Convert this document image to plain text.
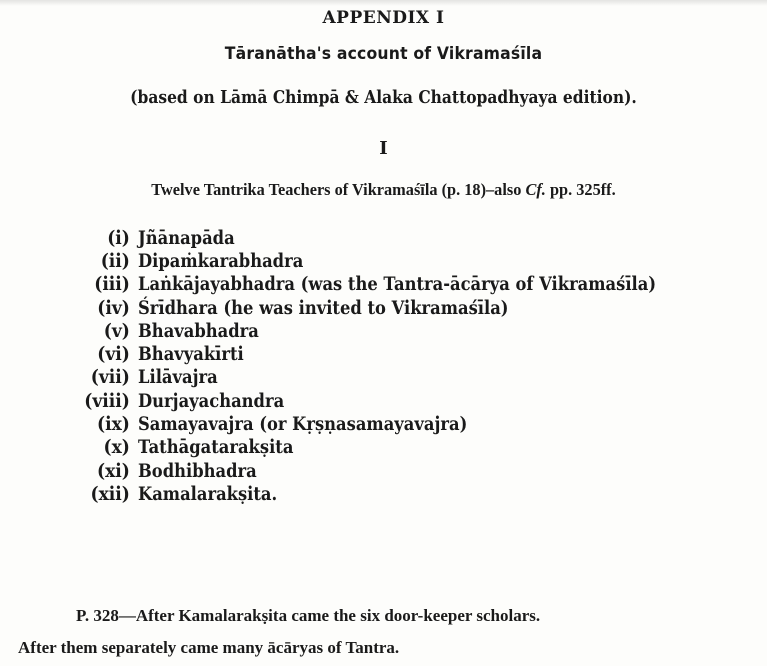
APPENDIX I
Tāranātha's account of Vikramaśīla
(based on Lāmā Chimpā & Alaka Chattopadhyaya edition).
I
Twelve Tantrika Teachers of Vikramaśīla (p. 18)–also Cf. pp. 325ff.
(i) Jñānapāda
(ii) Dipaṁkarabhadra
(iii) Laṅkājayabhadra (was the Tantra-ācārya of Vikramaśīla)
(iv) Śrīdhara (he was invited to Vikramaśīla)
(v) Bhavabhadra
(vi) Bhavyakīrti
(vii) Lilāvajra
(viii) Durjayachandra
(ix) Samayavajra (or Kṛṣṇasamayavajra)
(x) Tathāgatarakṣita
(xi) Bodhibhadra
(xii) Kamalarakṣita.
P. 328—After Kamalarakṣita came the six door-keeper scholars.
After them separately came many ācāryas of Tantra.
